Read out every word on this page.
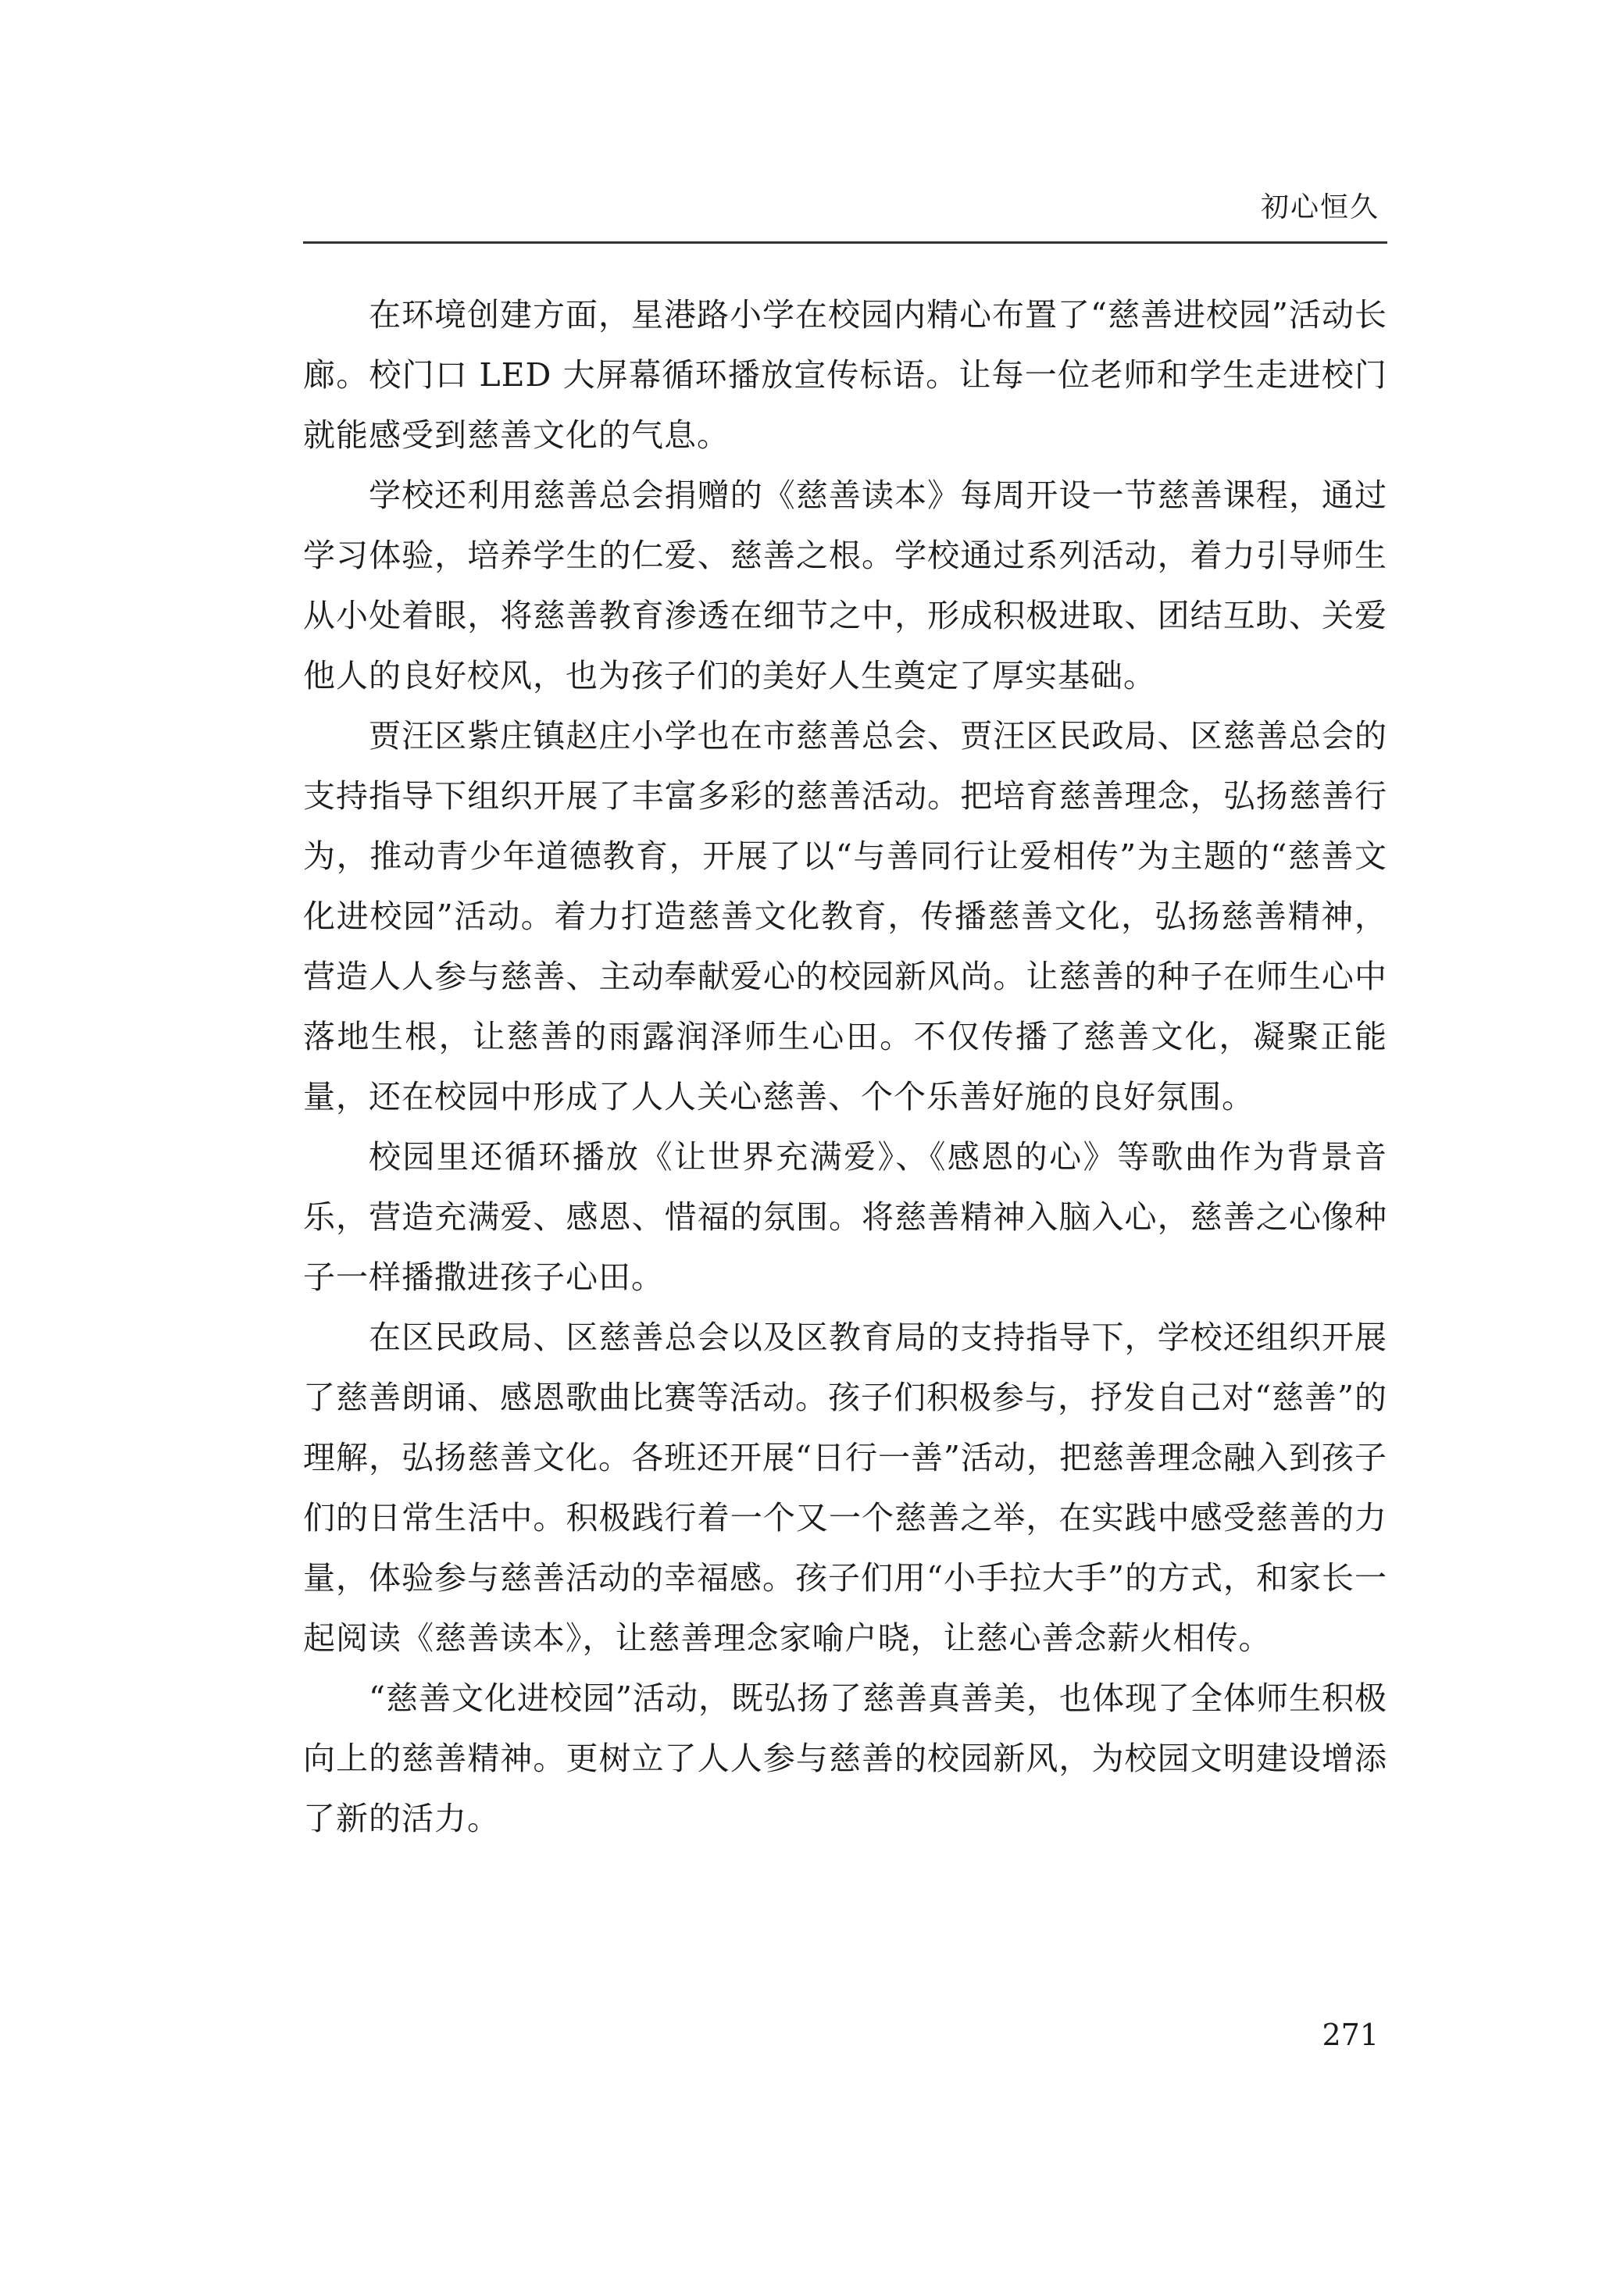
初心恒久

在环境创建方面，星港路小学在校园内精心布置了“慈善进校园”活动长廊。校门口 LED 大屏幕循环播放宣传标语。让每一位老师和学生走进校门就能感受到慈善文化的气息。

学校还利用慈善总会捐赠的《慈善读本》每周开设一节慈善课程，通过学习体验，培养学生的仁爱、慈善之根。学校通过系列活动，着力引导师生从小处着眼，将慈善教育渗透在细节之中，形成积极进取、团结互助、关爱他人的良好校风，也为孩子们的美好人生奠定了厚实基础。

贾汪区紫庄镇赵庄小学也在市慈善总会、贾汪区民政局、区慈善总会的支持指导下组织开展了丰富多彩的慈善活动。把培育慈善理念，弘扬慈善行为，推动青少年道德教育，开展了以“与善同行让爱相传”为主题的“慈善文化进校园”活动。着力打造慈善文化教育，传播慈善文化，弘扬慈善精神，营造人人参与慈善、主动奉献爱心的校园新风尚。让慈善的种子在师生心中落地生根，让慈善的雨露润泽师生心田。不仅传播了慈善文化，凝聚正能量，还在校园中形成了人人关心慈善、个个乐善好施的良好氛围。

校园里还循环播放《让世界充满爱》、《感恩的心》等歌曲作为背景音乐，营造充满爱、感恩、惜福的氛围。将慈善精神入脑入心，慈善之心像种子一样播撒进孩子心田。

在区民政局、区慈善总会以及区教育局的支持指导下，学校还组织开展了慈善朗诵、感恩歌曲比赛等活动。孩子们积极参与，抒发自己对“慈善”的理解，弘扬慈善文化。各班还开展“日行一善”活动，把慈善理念融入到孩子们的日常生活中。积极践行着一个又一个慈善之举，在实践中感受慈善的力量，体验参与慈善活动的幸福感。孩子们用“小手拉大手”的方式，和家长一起阅读《慈善读本》，让慈善理念家喻户晓，让慈心善念薪火相传。

“慈善文化进校园”活动，既弘扬了慈善真善美，也体现了全体师生积极向上的慈善精神。更树立了人人参与慈善的校园新风，为校园文明建设增添了新的活力。

271
